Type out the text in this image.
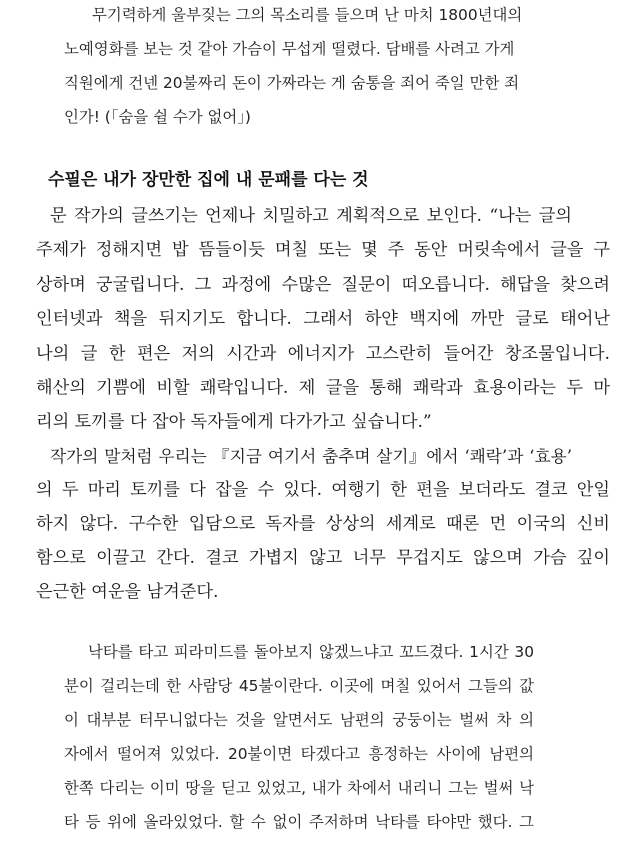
무기력하게 울부짖는 그의 목소리를 들으며 난 마치 1800년대의
노예영화를 보는 것 같아 가슴이 무섭게 떨렸다. 담배를 사려고 가게
직원에게 건넨 20불짜리 돈이 가짜라는 게 숨통을 죄어 죽일 만한 죄
인가! (「숨을 쉴 수가 없어」)
수필은 내가 장만한 집에 내 문패를 다는 것
문 작가의 글쓰기는 언제나 치밀하고 계획적으로 보인다. “나는 글의
주제가 정해지면 밥 뜸들이듯 며칠 또는 몇 주 동안 머릿속에서 글을 구
상하며 궁굴립니다. 그 과정에 수많은 질문이 떠오릅니다. 해답을 찾으려
인터넷과 책을 뒤지기도 합니다. 그래서 하얀 백지에 까만 글로 태어난
나의 글 한 편은 저의 시간과 에너지가 고스란히 들어간 창조물입니다.
해산의 기쁨에 비할 쾌락입니다. 제 글을 통해 쾌락과 효용이라는 두 마
리의 토끼를 다 잡아 독자들에게 다가가고 싶습니다.”
작가의 말처럼 우리는 『지금 여기서 춤추며 살기』에서 ‘쾌락’과 ‘효용’
의 두 마리 토끼를 다 잡을 수 있다. 여행기 한 편을 보더라도 결코 안일
하지 않다. 구수한 입담으로 독자를 상상의 세계로 때론 먼 이국의 신비
함으로 이끌고 간다. 결코 가볍지 않고 너무 무겁지도 않으며 가슴 깊이
은근한 여운을 남겨준다.
낙타를 타고 피라미드를 돌아보지 않겠느냐고 꼬드겼다. 1시간 30
분이 걸리는데 한 사람당 45불이란다. 이곳에 며칠 있어서 그들의 값
이 대부분 터무니없다는 것을 알면서도 남편의 궁둥이는 벌써 차 의
자에서 떨어져 있었다. 20불이면 타겠다고 흥정하는 사이에 남편의
한쪽 다리는 이미 땅을 딛고 있었고, 내가 차에서 내리니 그는 벌써 낙
타 등 위에 올라있었다. 할 수 없이 주저하며 낙타를 타야만 했다. 그
